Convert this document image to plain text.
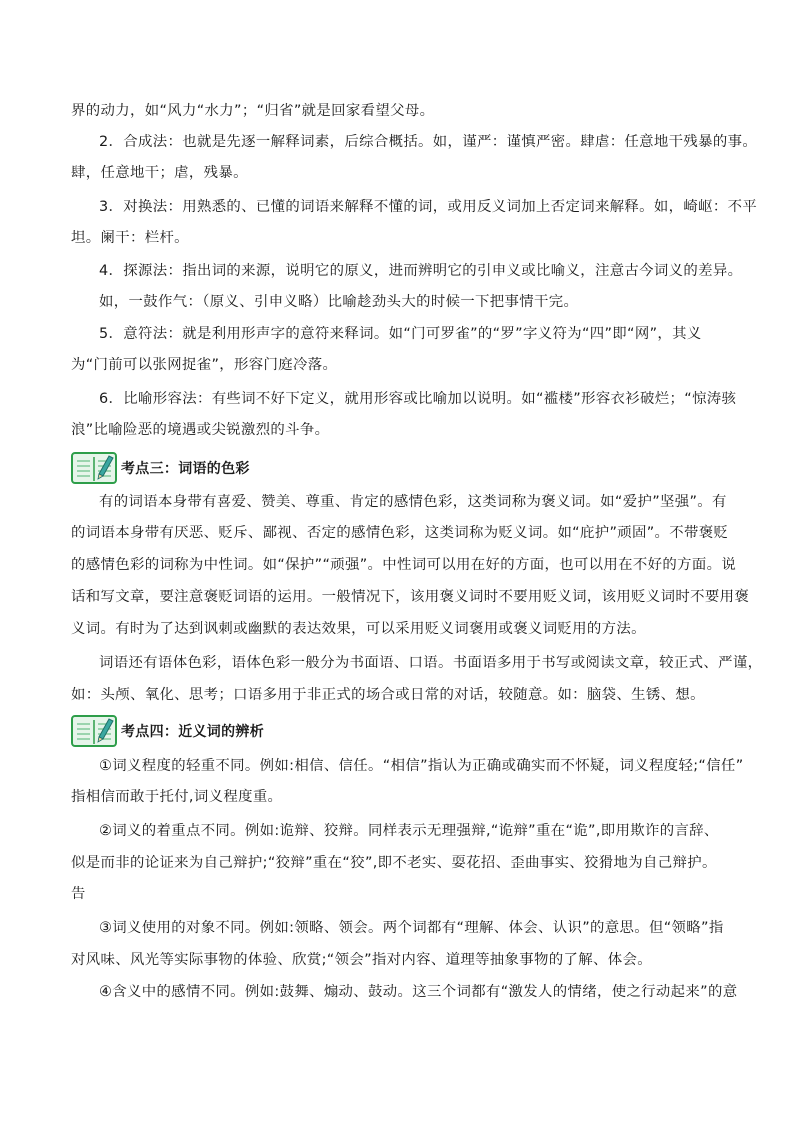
界的动力，如“风力“水力”；“归省”就是回家看望父母。
2．合成法：也就是先逐一解释词素，后综合概括。如，谨严：谨慎严密。肆虐：任意地干残暴的事。
肆，任意地干；虐，残暴。
3．对换法：用熟悉的、已懂的词语来解释不懂的词，或用反义词加上否定词来解释。如，崎岖：不平
坦。阑干：栏杆。
4．探源法：指出词的来源，说明它的原义，进而辨明它的引申义或比喻义，注意古今词义的差异。
如，一鼓作气：（原义、引申义略）比喻趁劲头大的时候一下把事情干完。
5．意符法：就是利用形声字的意符来释词。如“门可罗雀”的“罗”字义符为“四”即“网”，其义
为“门前可以张网捉雀”，形容门庭冷落。
6．比喻形容法：有些词不好下定义，就用形容或比喻加以说明。如“褴楼”形容衣衫破烂；“惊涛骇
浪”比喻险恶的境遇或尖锐激烈的斗争。
考点三：词语的色彩
有的词语本身带有喜爱、赞美、尊重、肯定的感情色彩，这类词称为褒义词。如“爱护”坚强”。有
的词语本身带有厌恶、贬斥、鄙视、否定的感情色彩，这类词称为贬义词。如“庇护”顽固”。不带褒贬
的感情色彩的词称为中性词。如“保护”“顽强”。中性词可以用在好的方面，也可以用在不好的方面。说
话和写文章，要注意褒贬词语的运用。一般情况下，该用褒义词时不要用贬义词，该用贬义词时不要用褒
义词。有时为了达到讽刺或幽默的表达效果，可以采用贬义词褒用或褒义词贬用的方法。
词语还有语体色彩，语体色彩一般分为书面语、口语。书面语多用于书写或阅读文章，较正式、严谨，
如：头颅、氧化、思考；口语多用于非正式的场合或日常的对话，较随意。如：脑袋、生锈、想。
考点四：近义词的辨析
①词义程度的轻重不同。例如:相信、信任。“相信”指认为正确或确实而不怀疑，词义程度轻;“信任”
指相信而敢于托付,词义程度重。
②词义的着重点不同。例如:诡辩、狡辩。同样表示无理强辩,“诡辩”重在“诡”,即用欺诈的言辞、
似是而非的论证来为自己辩护;“狡辩”重在“狡”,即不老实、耍花招、歪曲事实、狡猾地为自己辩护。
告
③词义使用的对象不同。例如:领略、领会。两个词都有“理解、体会、认识”的意思。但“领略”指
对风味、风光等实际事物的体验、欣赏;“领会”指对内容、道理等抽象事物的了解、体会。
④含义中的感情不同。例如:鼓舞、煽动、鼓动。这三个词都有“激发人的情绪，使之行动起来”的意
